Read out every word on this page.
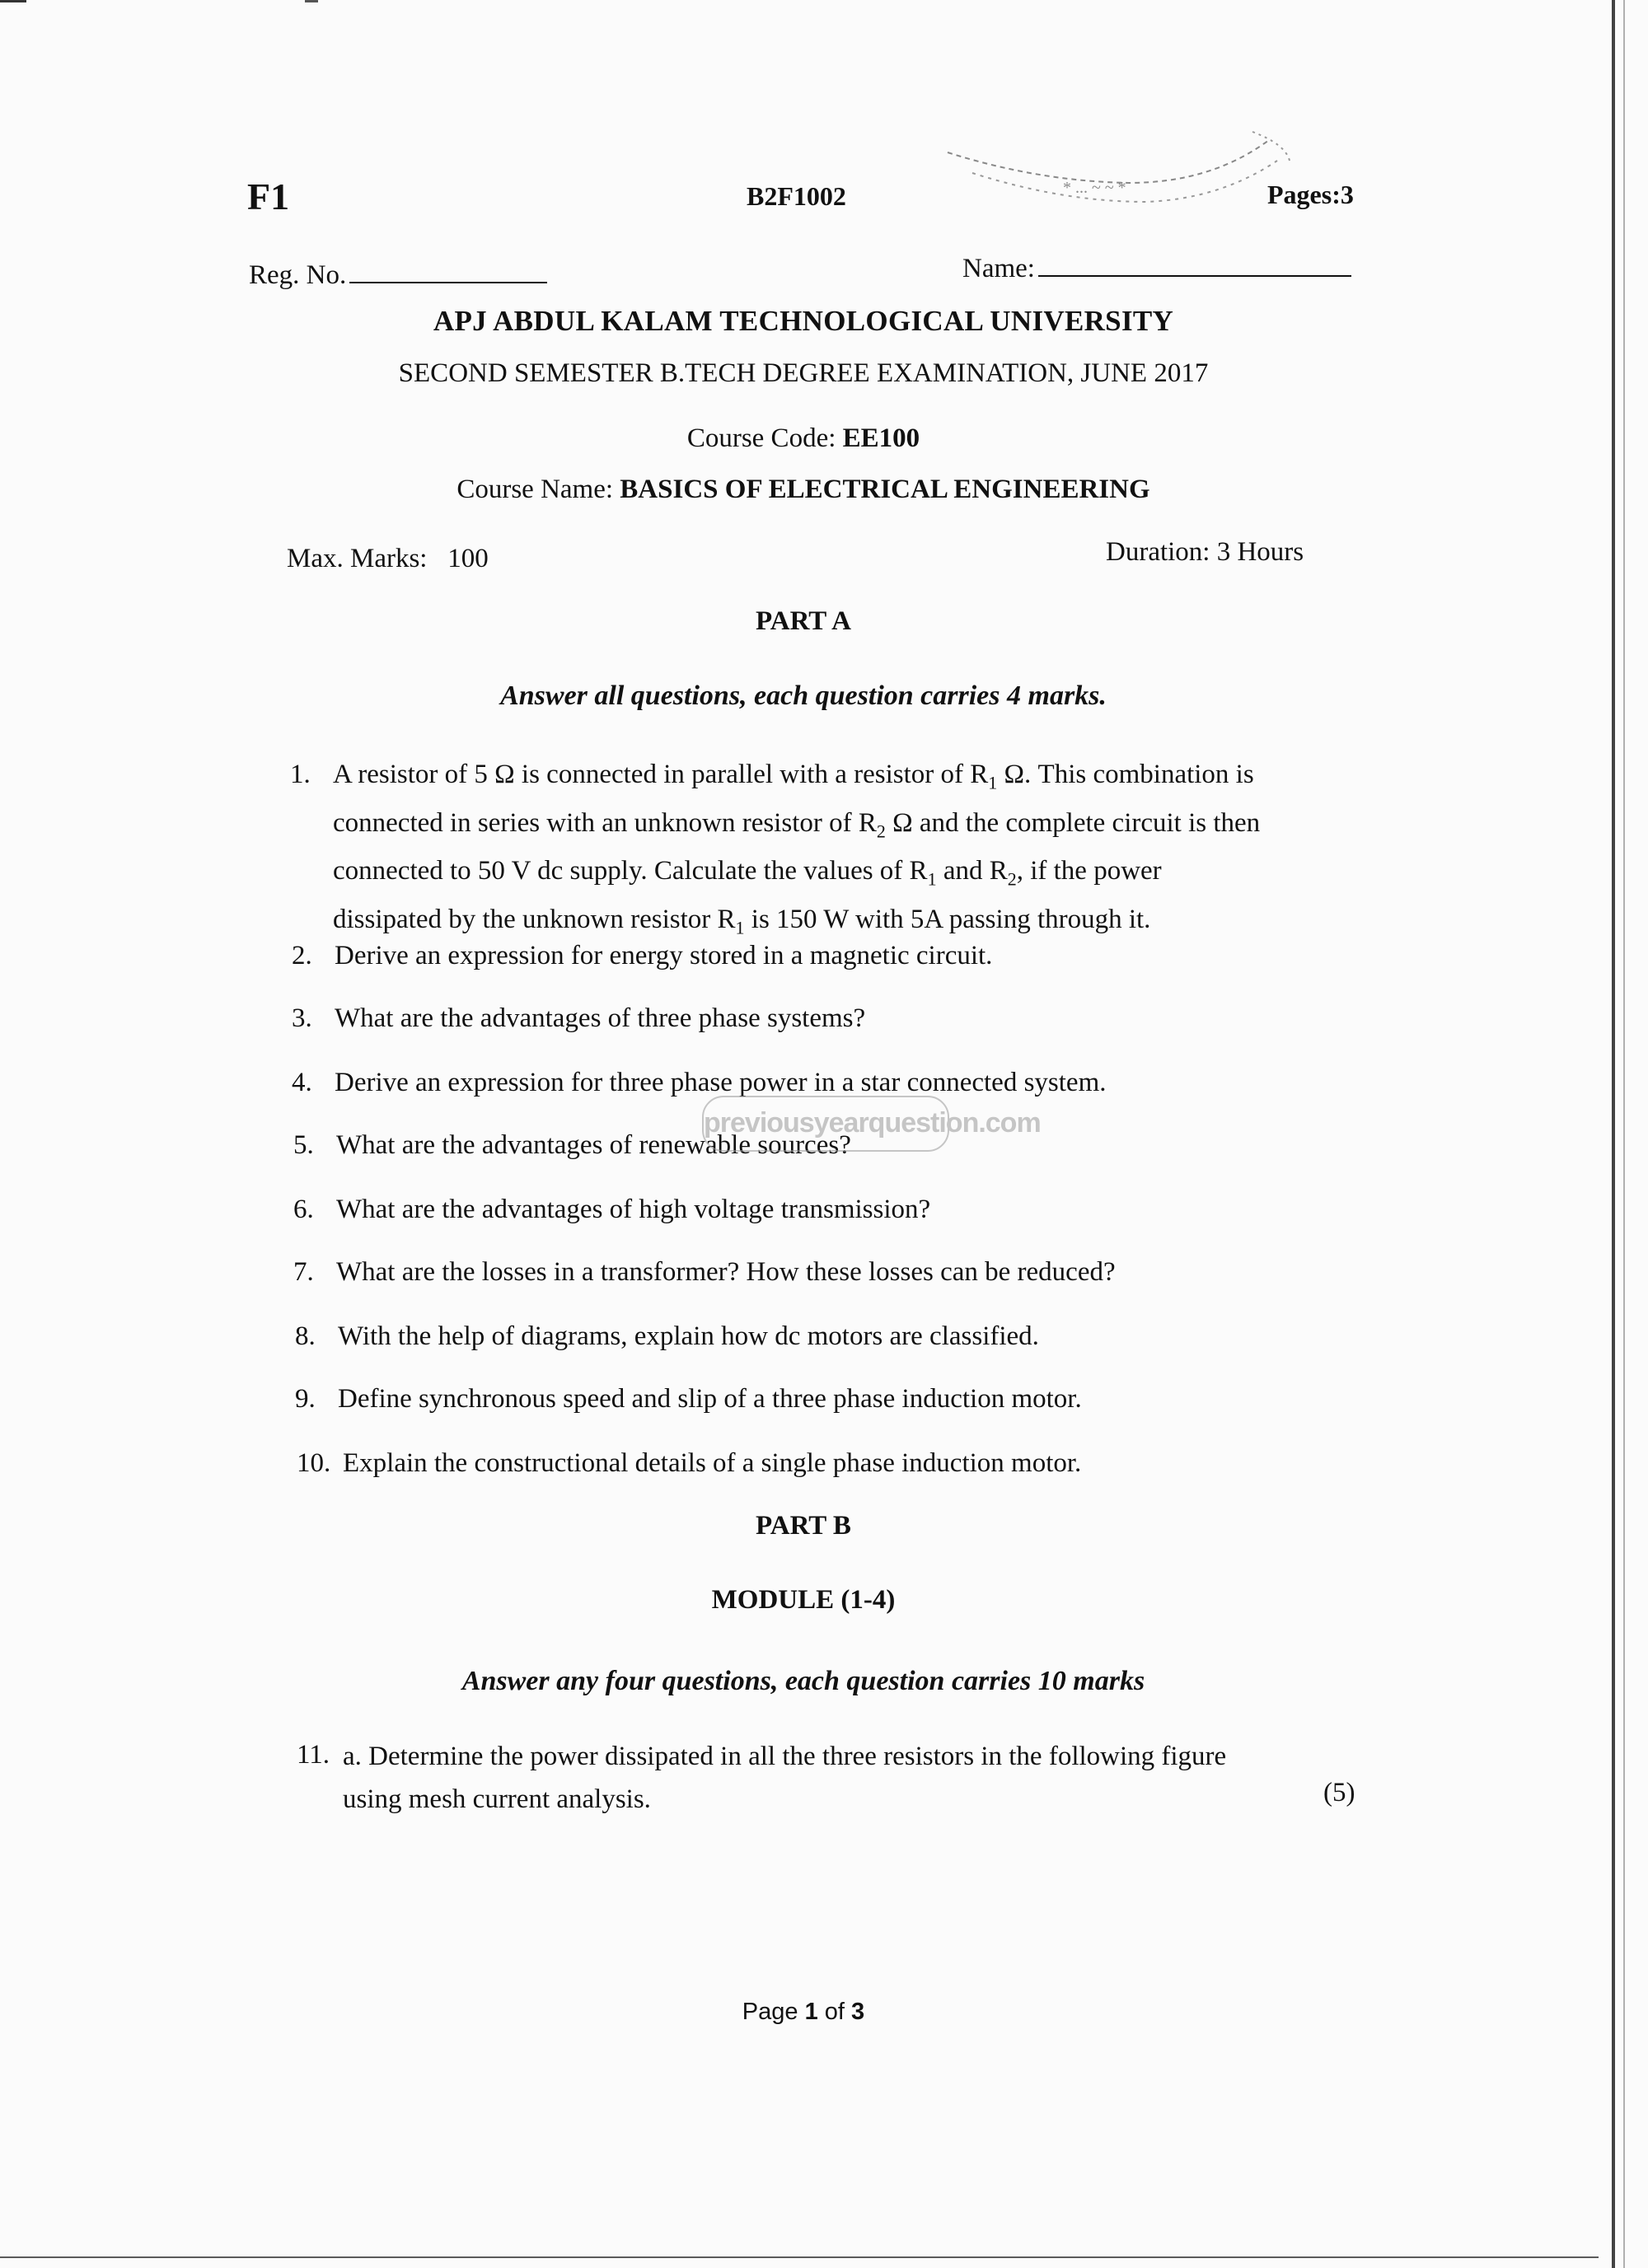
F1	B2F1002	* ... ~ ~ *	Pages:3
Reg. No.	Name:
APJ ABDUL KALAM TECHNOLOGICAL UNIVERSITY
SECOND SEMESTER B.TECH DEGREE EXAMINATION, JUNE 2017
Course Code: EE100
Course Name: BASICS OF ELECTRICAL ENGINEERING
Max. Marks:   100	Duration: 3 Hours
PART A
Answer all questions, each question carries 4 marks.
1. A resistor of 5 Ω is connected in parallel with a resistor of $R_1$ Ω. This combination is
connected in series with an unknown resistor of $R_2$ Ω and the complete circuit is then
connected to 50 V dc supply. Calculate the values of $R_1$ and $R_2$, if the power
dissipated by the unknown resistor $R_1$ is 150 W with 5A passing through it.
2. Derive an expression for energy stored in a magnetic circuit.
3. What are the advantages of three phase systems?
4. Derive an expression for three phase power in a star connected system.
5. What are the advantages of renewable sources?
6. What are the advantages of high voltage transmission?
7. What are the losses in a transformer? How these losses can be reduced?
8. With the help of diagrams, explain how dc motors are classified.
9. Define synchronous speed and slip of a three phase induction motor.
10. Explain the constructional details of a single phase induction motor.
previousyearquestion.com
PART B
MODULE (1-4)
Answer any four questions, each question carries 10 marks
11. a. Determine the power dissipated in all the three resistors in the following figure
using mesh current analysis.	(5)
Page 1 of 3
